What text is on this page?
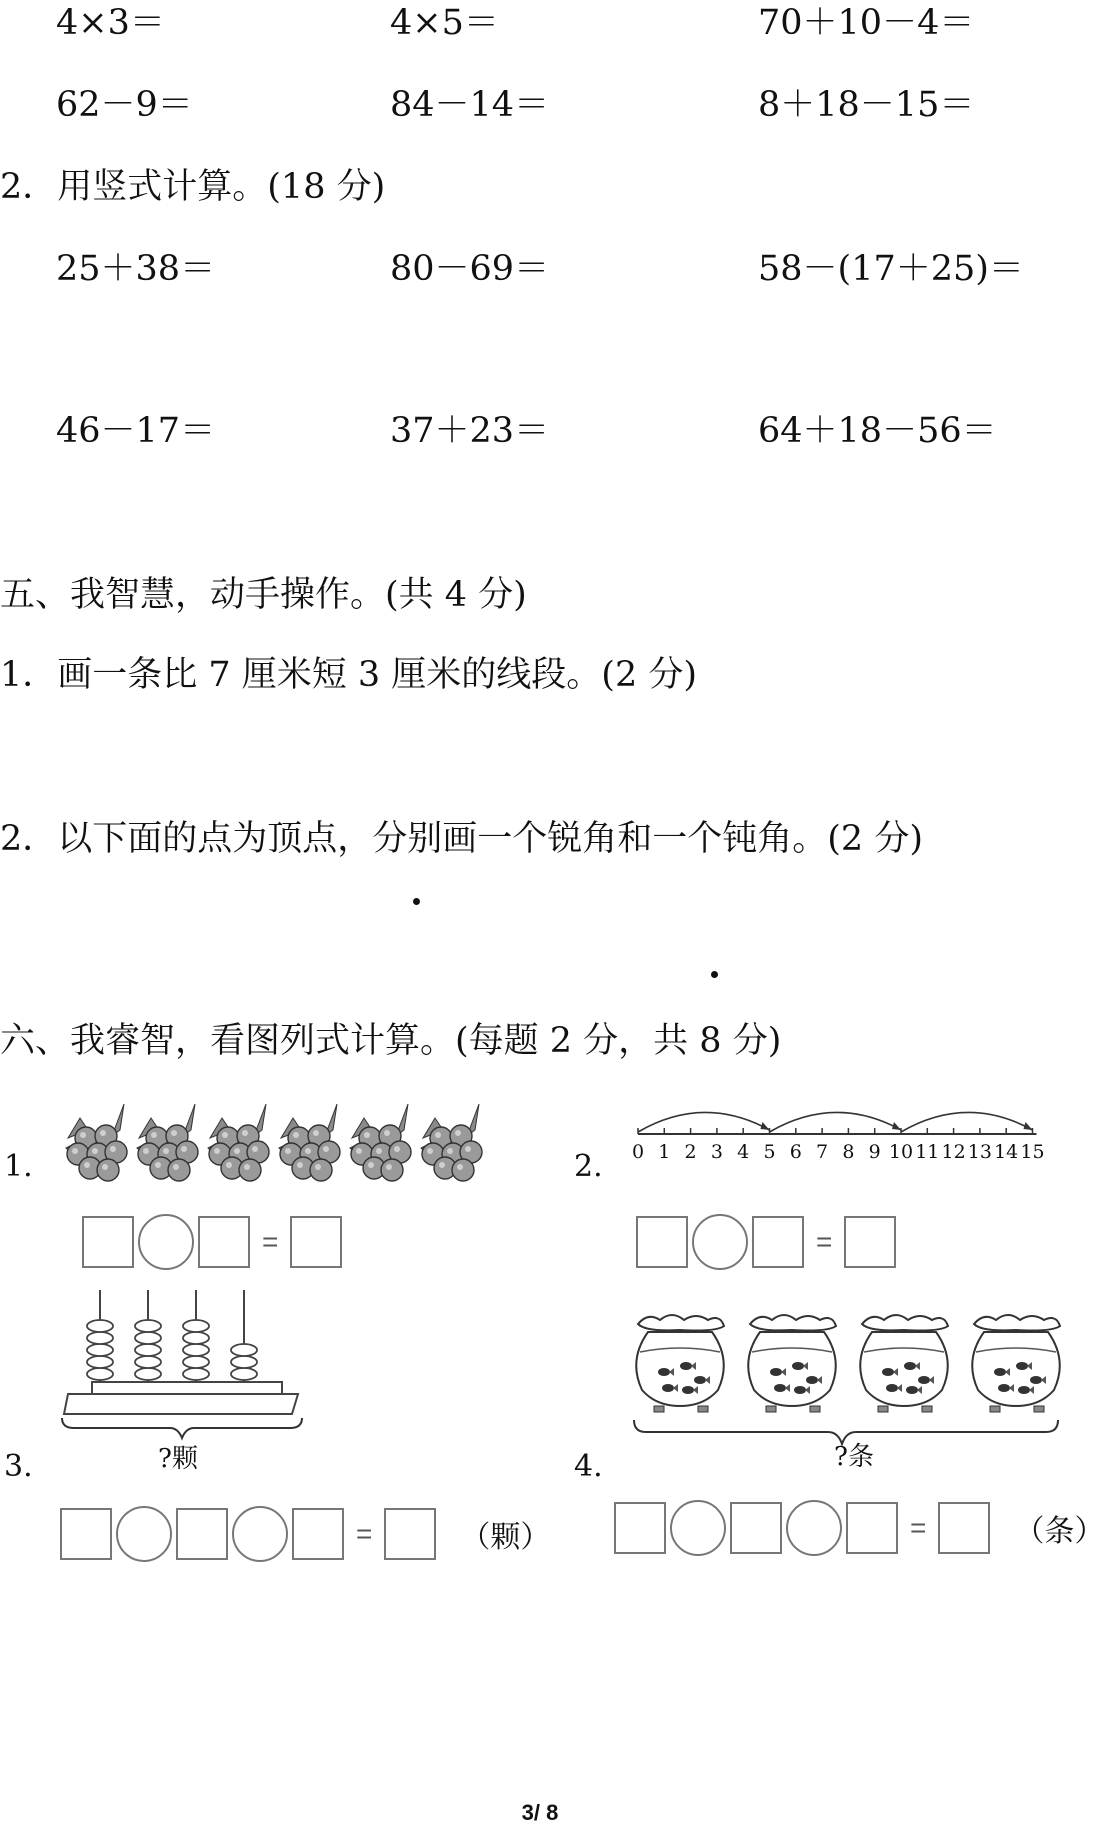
4×3＝	4×5＝	70＋10－4＝
62－9＝	84－14＝	8＋18－15＝
2．用竖式计算。(18 分)
25＋38＝	80－69＝	58－(17＋25)＝
46－17＝	37＋23＝	64＋18－56＝
五、我智慧，动手操作。(共 4 分)
1．画一条比 7 厘米短 3 厘米的线段。(2 分)
2．以下面的点为顶点，分别画一个锐角和一个钝角。(2 分)
六、我睿智，看图列式计算。(每题 2 分，共 8 分)
1.
=
2. 0 1 2 3 4 5 6 7 8 9 10 11 12 13 14 15
=
?颗
3.
=	（颗）
?条
4.
=	（条）
3/ 8
